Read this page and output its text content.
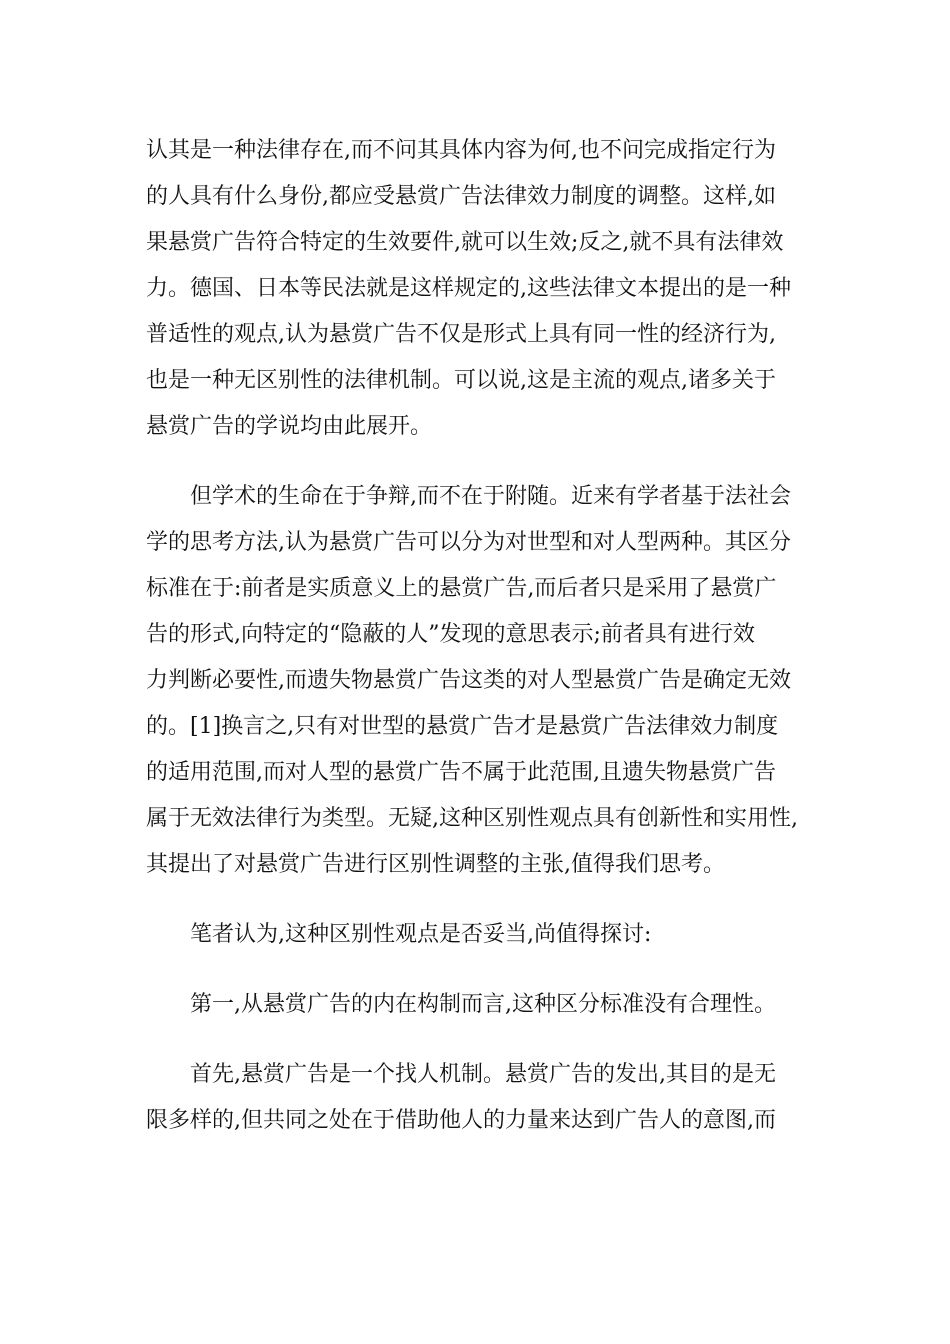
认其是一种法律存在,而不问其具体内容为何,也不问完成指定行为
的人具有什么身份,都应受悬赏广告法律效力制度的调整。这样,如
果悬赏广告符合特定的生效要件,就可以生效;反之,就不具有法律效
力。德国、日本等民法就是这样规定的,这些法律文本提出的是一种
普适性的观点,认为悬赏广告不仅是形式上具有同一性的经济行为,
也是一种无区别性的法律机制。可以说,这是主流的观点,诸多关于
悬赏广告的学说均由此展开。
但学术的生命在于争辩,而不在于附随。近来有学者基于法社会
学的思考方法,认为悬赏广告可以分为对世型和对人型两种。其区分
标准在于:前者是实质意义上的悬赏广告,而后者只是采用了悬赏广
告的形式,向特定的“隐蔽的人”发现的意思表示;前者具有进行效
力判断必要性,而遗失物悬赏广告这类的对人型悬赏广告是确定无效
的。[1]换言之,只有对世型的悬赏广告才是悬赏广告法律效力制度
的适用范围,而对人型的悬赏广告不属于此范围,且遗失物悬赏广告
属于无效法律行为类型。无疑,这种区别性观点具有创新性和实用性,
其提出了对悬赏广告进行区别性调整的主张,值得我们思考。
笔者认为,这种区别性观点是否妥当,尚值得探讨:
第一,从悬赏广告的内在构制而言,这种区分标准没有合理性。
首先,悬赏广告是一个找人机制。悬赏广告的发出,其目的是无
限多样的,但共同之处在于借助他人的力量来达到广告人的意图,而
